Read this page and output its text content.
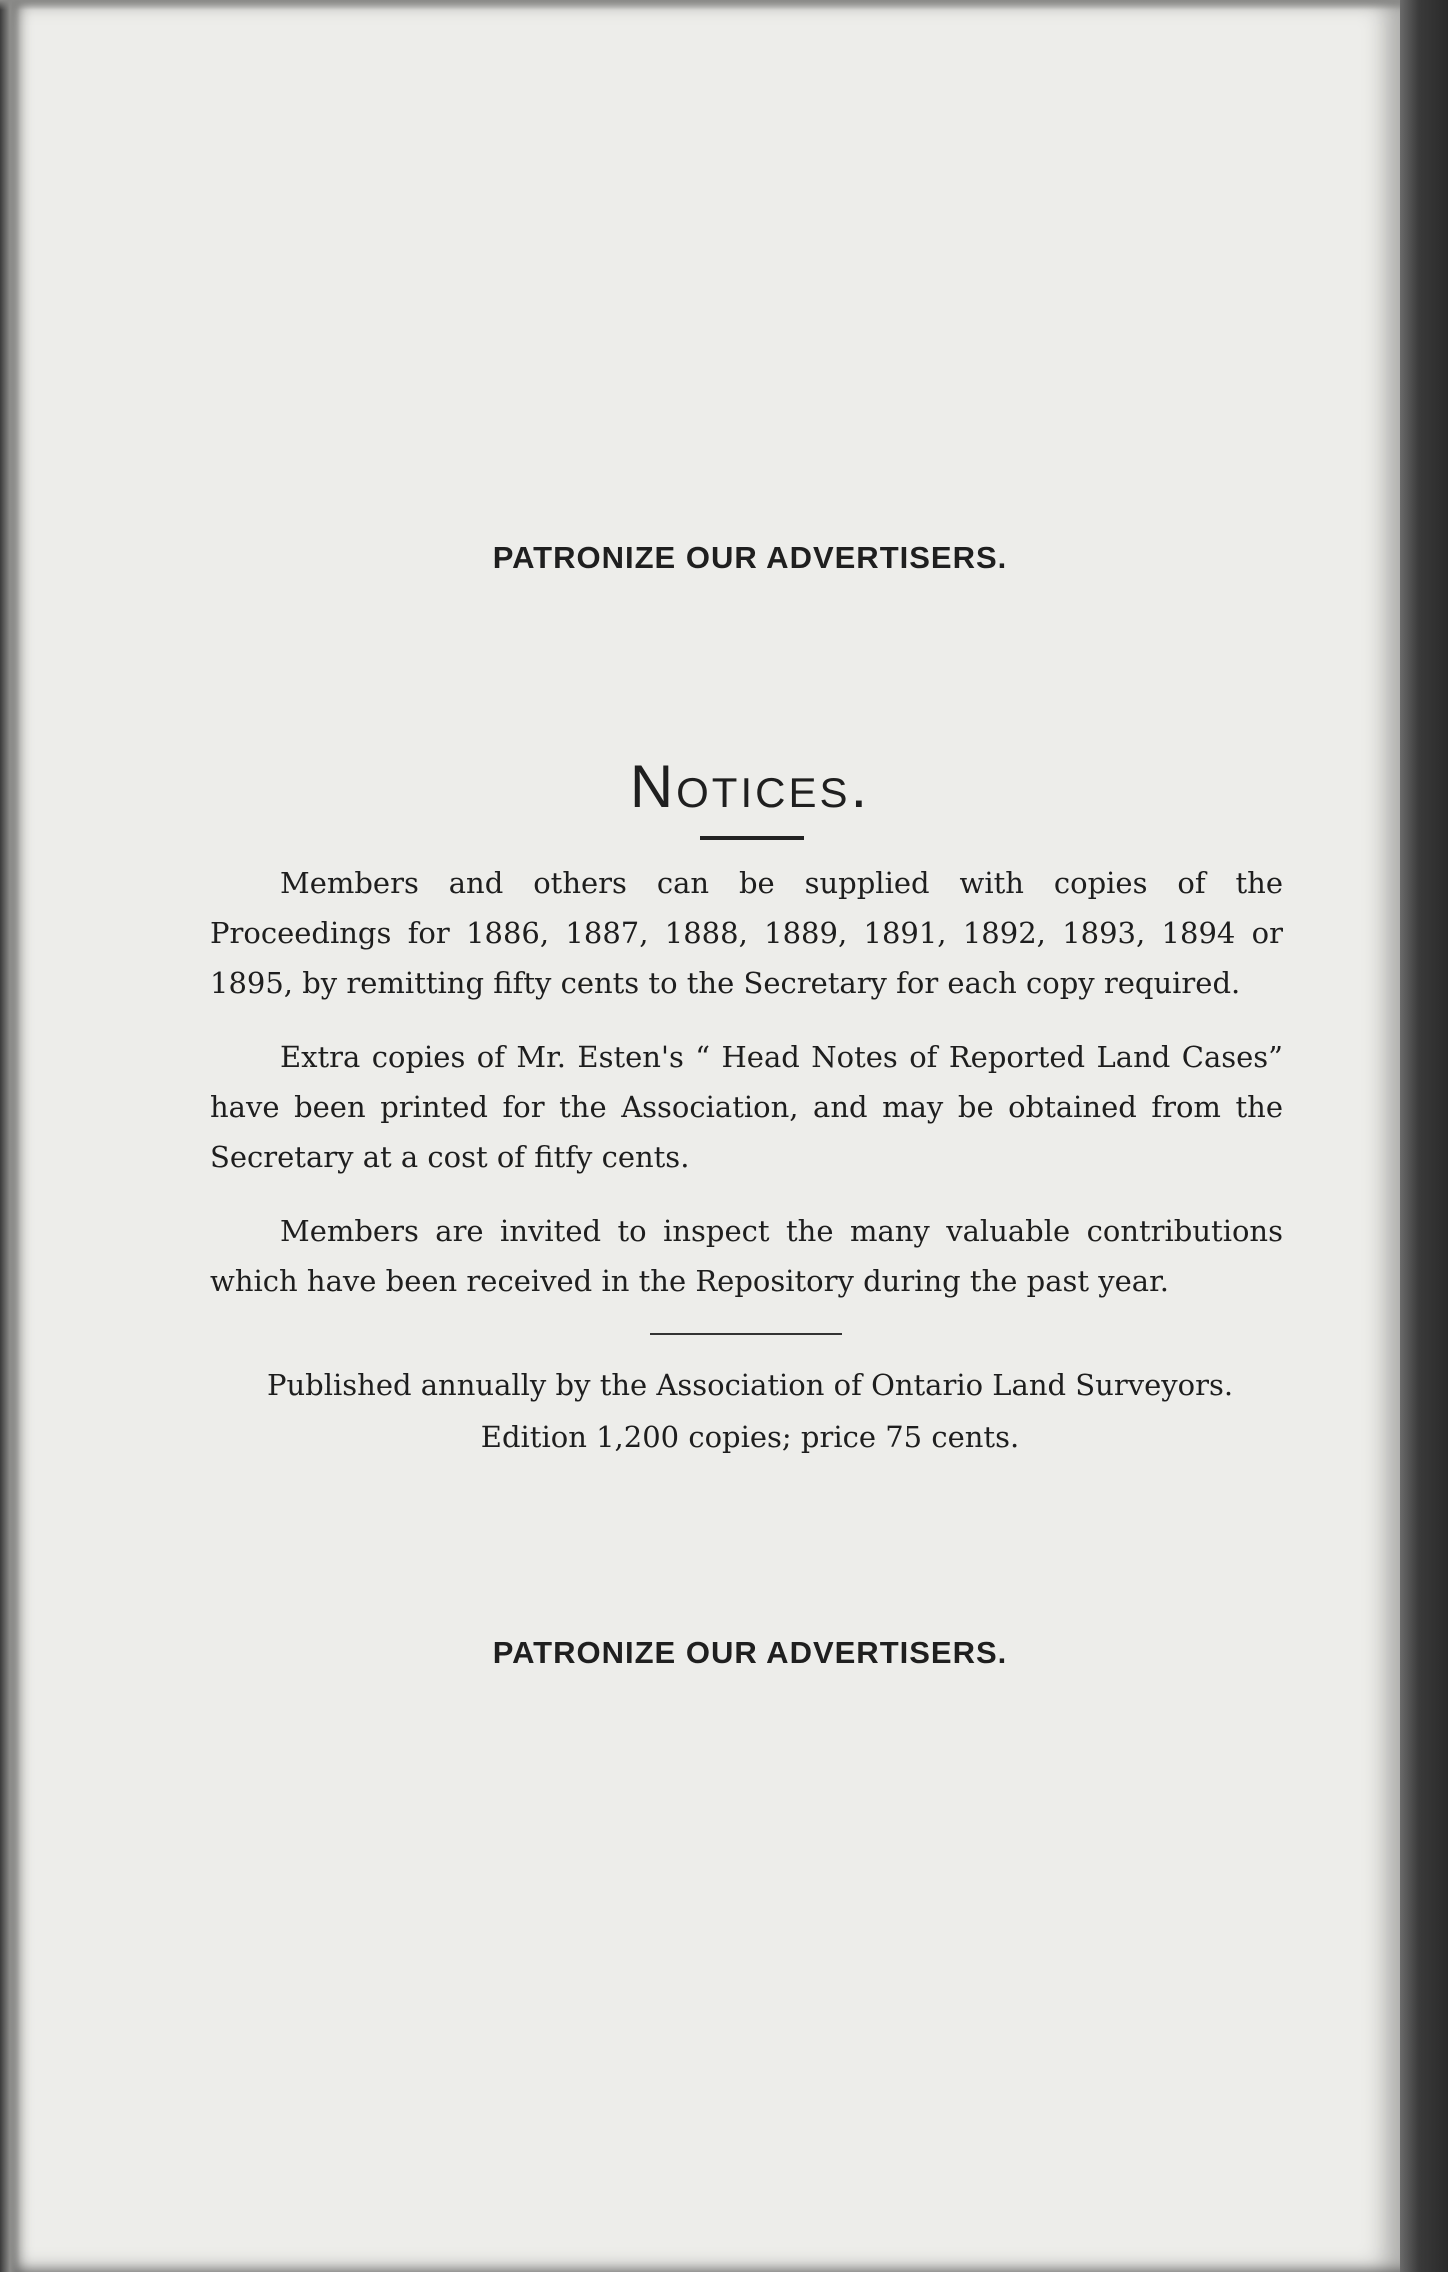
PATRONIZE OUR ADVERTISERS.
Notices.

Members and others can be supplied with copies of the Proceedings for 1886, 1887, 1888, 1889, 1891, 1892, 1893, 1894 or 1895, by remitting fifty cents to the Secretary for each copy required.

Extra copies of Mr. Esten's “ Head Notes of Reported Land Cases” have been printed for the Association, and may be obtained from the Secretary at a cost of fitfy cents.

Members are invited to inspect the many valuable contributions which have been received in the Repository during the past year.

Published annually by the Association of Ontario Land Surveyors.
Edition 1,200 copies; price 75 cents.
PATRONIZE OUR ADVERTISERS.
